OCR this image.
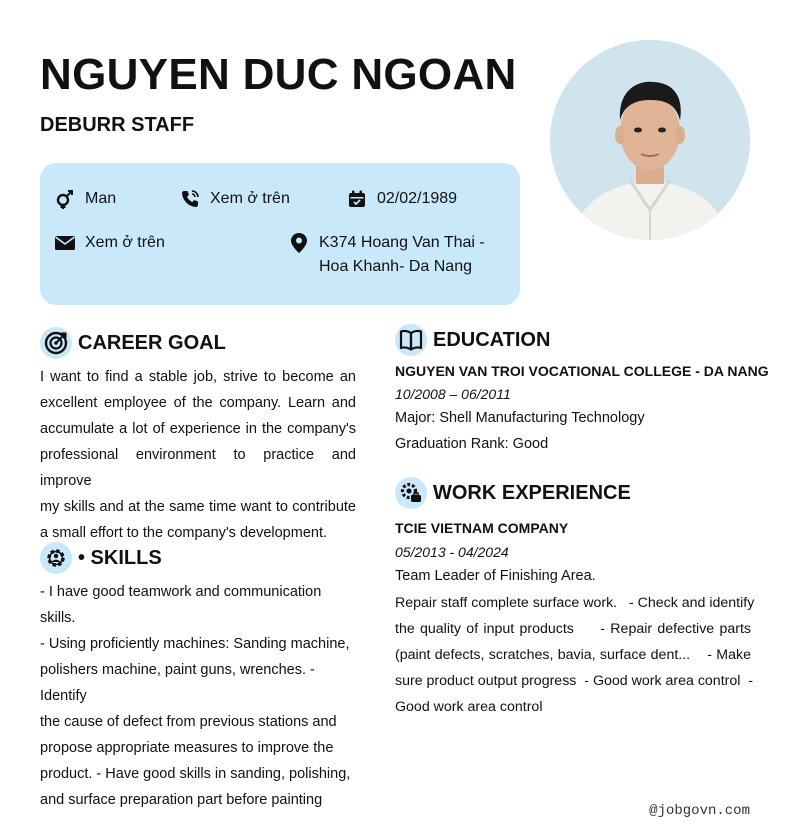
NGUYEN DUC NGOAN
DEBURR STAFF
Man	Xem ở trên	02/02/1989
Xem ở trên	K374 Hoang Van Thai -
Hoa Khanh- Da Nang
CAREER GOAL
I want to find a stable job, strive to become an
excellent employee of the company. Learn and
accumulate a lot of experience in the company's
professional environment to practice and improve
my skills and at the same time want to contribute
a small effort to the company's development.
• SKILLS
- I have good teamwork and communication skills.
- Using proficiently machines: Sanding machine,
polishers machine, paint guns, wrenches. - Identify
the cause of defect from previous stations and
propose appropriate measures to improve the
product. - Have good skills in sanding, polishing,
and surface preparation part before painting
EDUCATION
NGUYEN VAN TROI VOCATIONAL COLLEGE - DA NANG
10/2008 – 06/2011
Major: Shell Manufacturing Technology
Graduation Rank: Good
WORK EXPERIENCE
TCIE VIETNAM COMPANY
05/2013 - 04/2024
Team Leader of Finishing Area.
Repair staff complete surface work.   - Check and identify
the quality of input products     - Repair defective parts
(paint defects, scratches, bavia, surface dent...    - Make
sure product output progress  - Good work area control  -
Good work area control
@jobgovn.com
